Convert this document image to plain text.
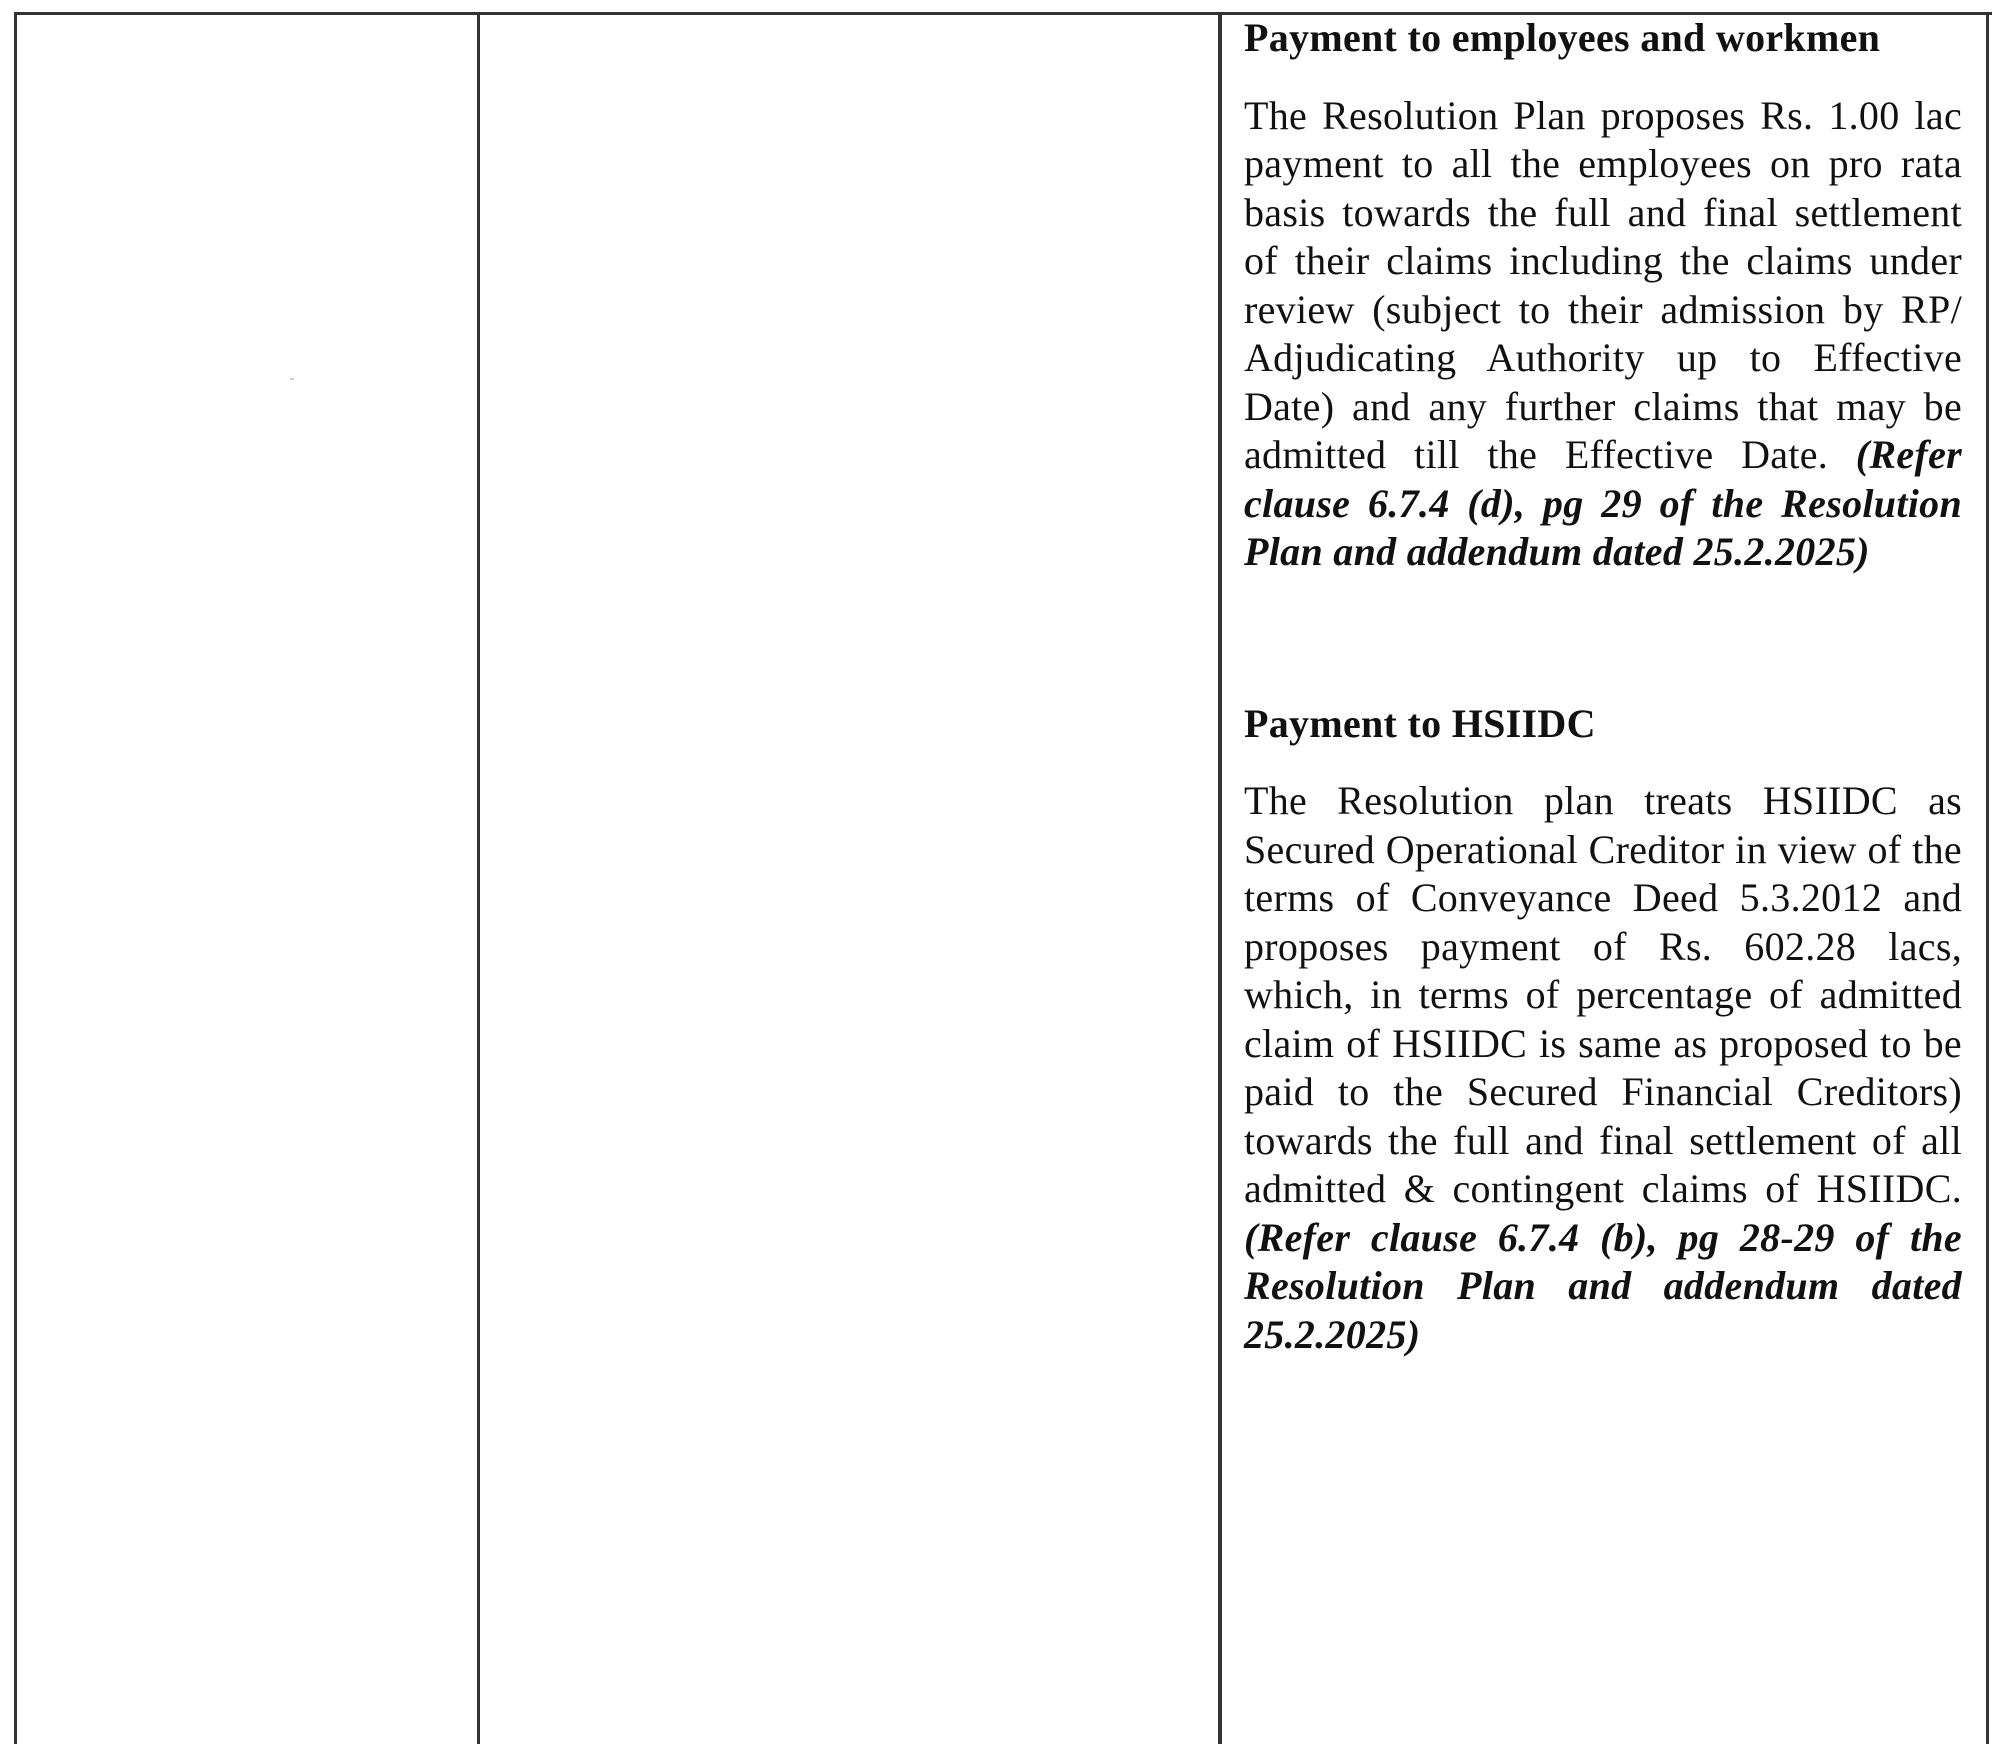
Payment to employees and workmen

The Resolution Plan proposes Rs. 1.00 lac payment to all the employees on pro rata basis towards the full and final settlement of their claims including the claims under review (subject to their admission by RP/ Adjudicating Authority up to Effective Date) and any further claims that may be admitted till the Effective Date. (Refer clause 6.7.4 (d), pg 29 of the Resolution Plan and addendum dated 25.2.2025)

Payment to HSIIDC

The Resolution plan treats HSIIDC as Secured Operational Creditor in view of the terms of Conveyance Deed 5.3.2012 and proposes payment of Rs. 602.28 lacs, which, in terms of percentage of admitted claim of HSIIDC is same as proposed to be paid to the Secured Financial Creditors) towards the full and final settlement of all admitted & contingent claims of HSIIDC. (Refer clause 6.7.4 (b), pg 28-29 of the Resolution Plan and addendum dated 25.2.2025)
